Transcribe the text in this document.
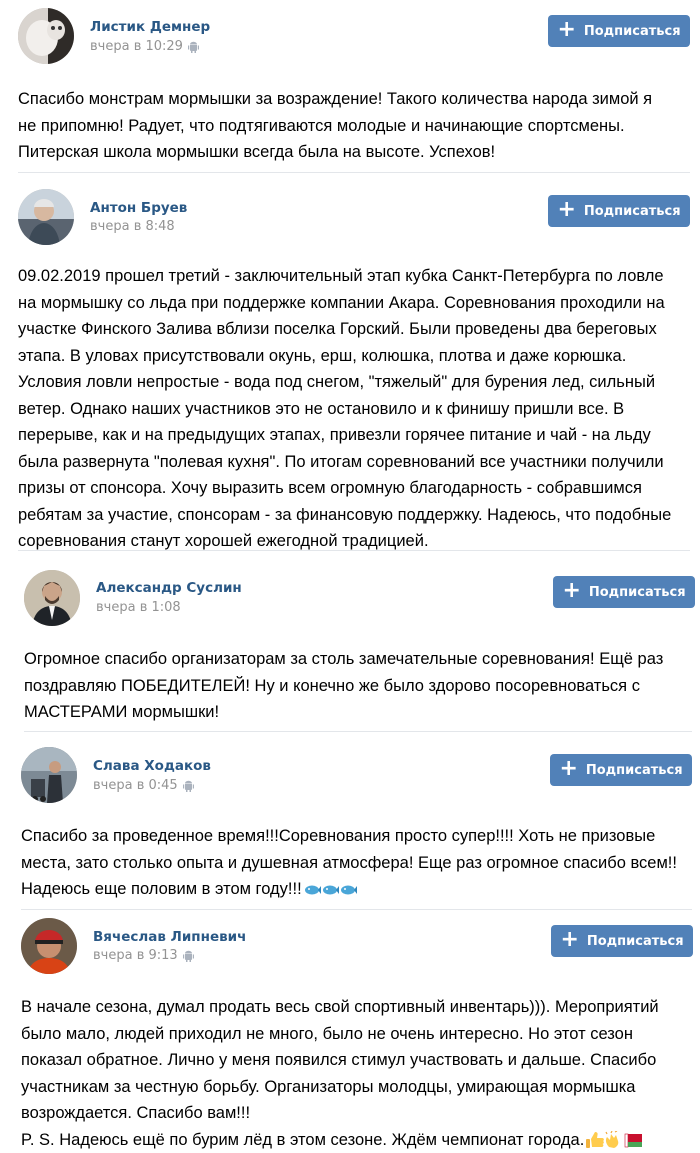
Листик Демнер
вчера в 10:29
+ Подписаться
Спасибо монстрам мормышки за возраждение! Такого количества народа зимой я
не припомню! Радует, что подтягиваются молодые и начинающие спортсмены.
Питерская школа мормышки всегда была на высоте. Успехов!
Антон Бруев
вчера в 8:48
+ Подписаться
09.02.2019 прошел третий - заключительный этап кубка Санкт-Петербурга по ловле
на мормышку со льда при поддержке компании Акара. Соревнования проходили на
участке Финского Залива вблизи поселка Горский. Были проведены два береговых
этапа. В уловах присутствовали окунь, ерш, колюшка, плотва и даже корюшка.
Условия ловли непростые - вода под снегом, "тяжелый" для бурения лед, сильный
ветер. Однако наших участников это не остановило и к финишу пришли все. В
перерыве, как и на предыдущих этапах, привезли горячее питание и чай - на льду
была развернута "полевая кухня". По итогам соревнований все участники получили
призы от спонсора. Хочу выразить всем огромную благодарность - собравшимся
ребятам за участие, спонсорам - за финансовую поддержку. Надеюсь, что подобные
соревнования станут хорошей ежегодной традицией.
Александр Суслин
вчера в 1:08
+ Подписаться
Огромное спасибо организаторам за столь замечательные соревнования! Ещё раз
поздравляю ПОБЕДИТЕЛЕЙ! Ну и конечно же было здорово посоревноваться с
МАСТЕРАМИ мормышки!
Слава Ходаков
вчера в 0:45
+ Подписаться
Спасибо за проведенное время!!!Соревнования просто супер!!!! Хоть не призовые
места, зато столько опыта и душевная атмосфера! Еще раз огромное спасибо всем!!
Надеюсь еще половим в этом году!!!
Вячеслав Липневич
вчера в 9:13
+ Подписаться
В начале сезона, думал продать весь свой спортивный инвентарь))). Мероприятий
было мало, людей приходил не много, было не очень интересно. Но этот сезон
показал обратное. Лично у меня появился стимул участвовать и дальше. Спасибо
участникам за честную борьбу. Организаторы молодцы, умирающая мормышка
возрождается. Спасибо вам!!!
P. S. Надеюсь ещё по бурим лёд в этом сезоне. Ждём чемпионат города.
